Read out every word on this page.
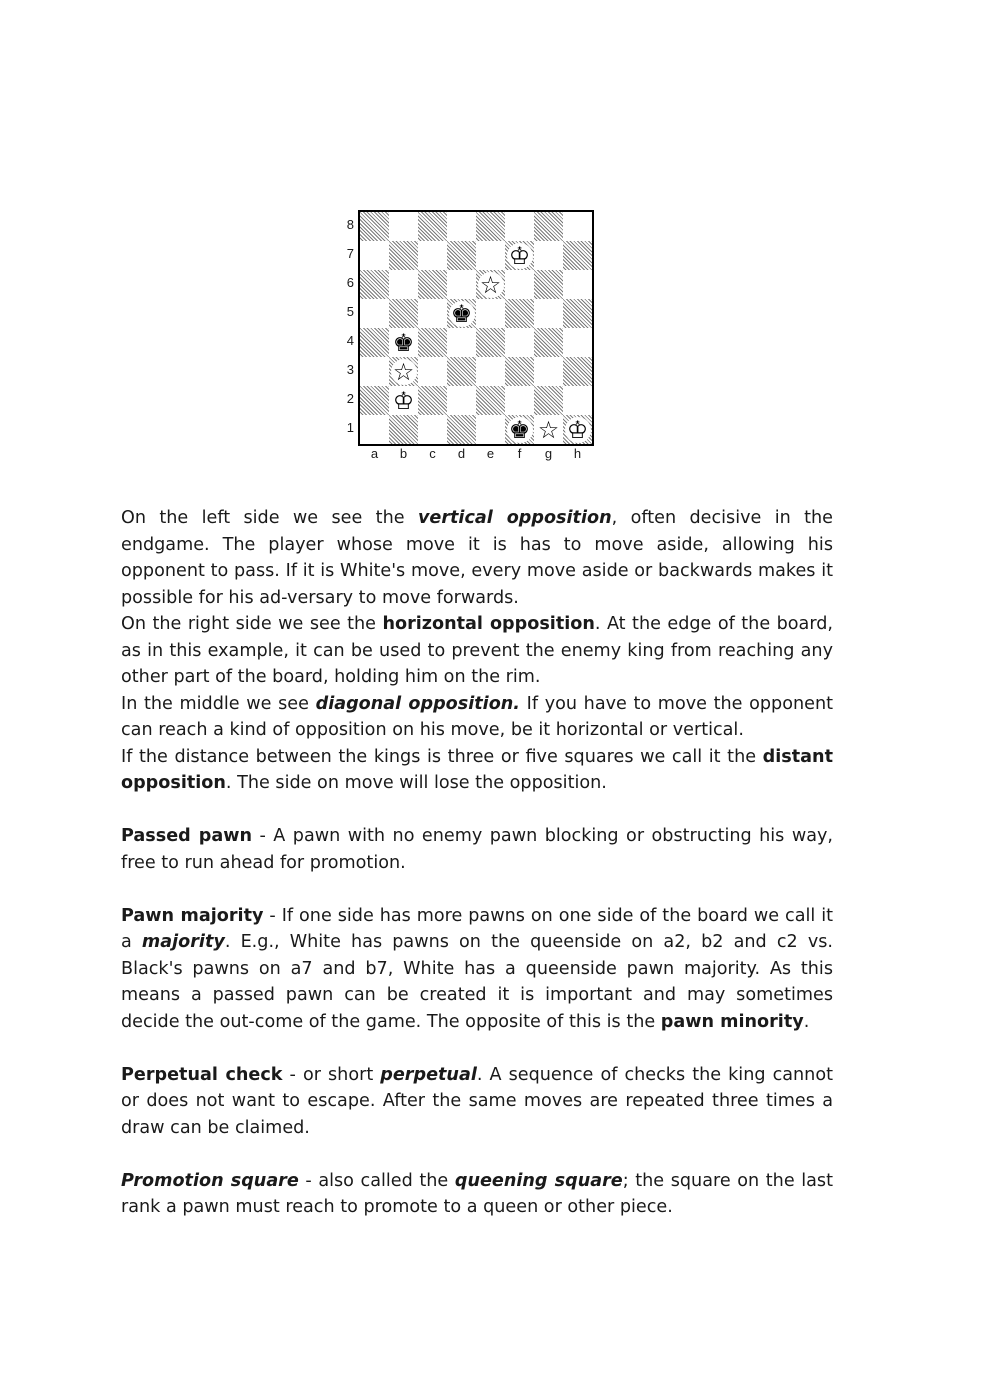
8
7
6
5
4
3
2
1
♔
☆
♚
♚
☆
♔
♚ ☆ ♔
a	b	c	d	e	f	g	h

On the left side we see the vertical opposition, often decisive in the endgame. The player whose move it is has to move aside, allowing his opponent to pass. If it is White's move, every move aside or backwards makes it possible for his ad-versary to move forwards.

On the right side we see the horizontal opposition. At the edge of the board, as in this example, it can be used to prevent the enemy king from reaching any other part of the board, holding him on the rim.

In the middle we see diagonal opposition. If you have to move the opponent can reach a kind of opposition on his move, be it horizontal or vertical.

If the distance between the kings is three or five squares we call it the distant opposition. The side on move will lose the opposition.

Passed pawn - A pawn with no enemy pawn blocking or obstructing his way, free to run ahead for promotion.

Pawn majority - If one side has more pawns on one side of the board we call it a majority. E.g., White has pawns on the queenside on a2, b2 and c2 vs. Black's pawns on a7 and b7, White has a queenside pawn majority. As this means a passed pawn can be created it is important and may sometimes decide the out-come of the game. The opposite of this is the pawn minority.

Perpetual check - or short perpetual. A sequence of checks the king cannot or does not want to escape. After the same moves are repeated three times a draw can be claimed.

Promotion square - also called the queening square; the square on the last rank a pawn must reach to promote to a queen or other piece.
